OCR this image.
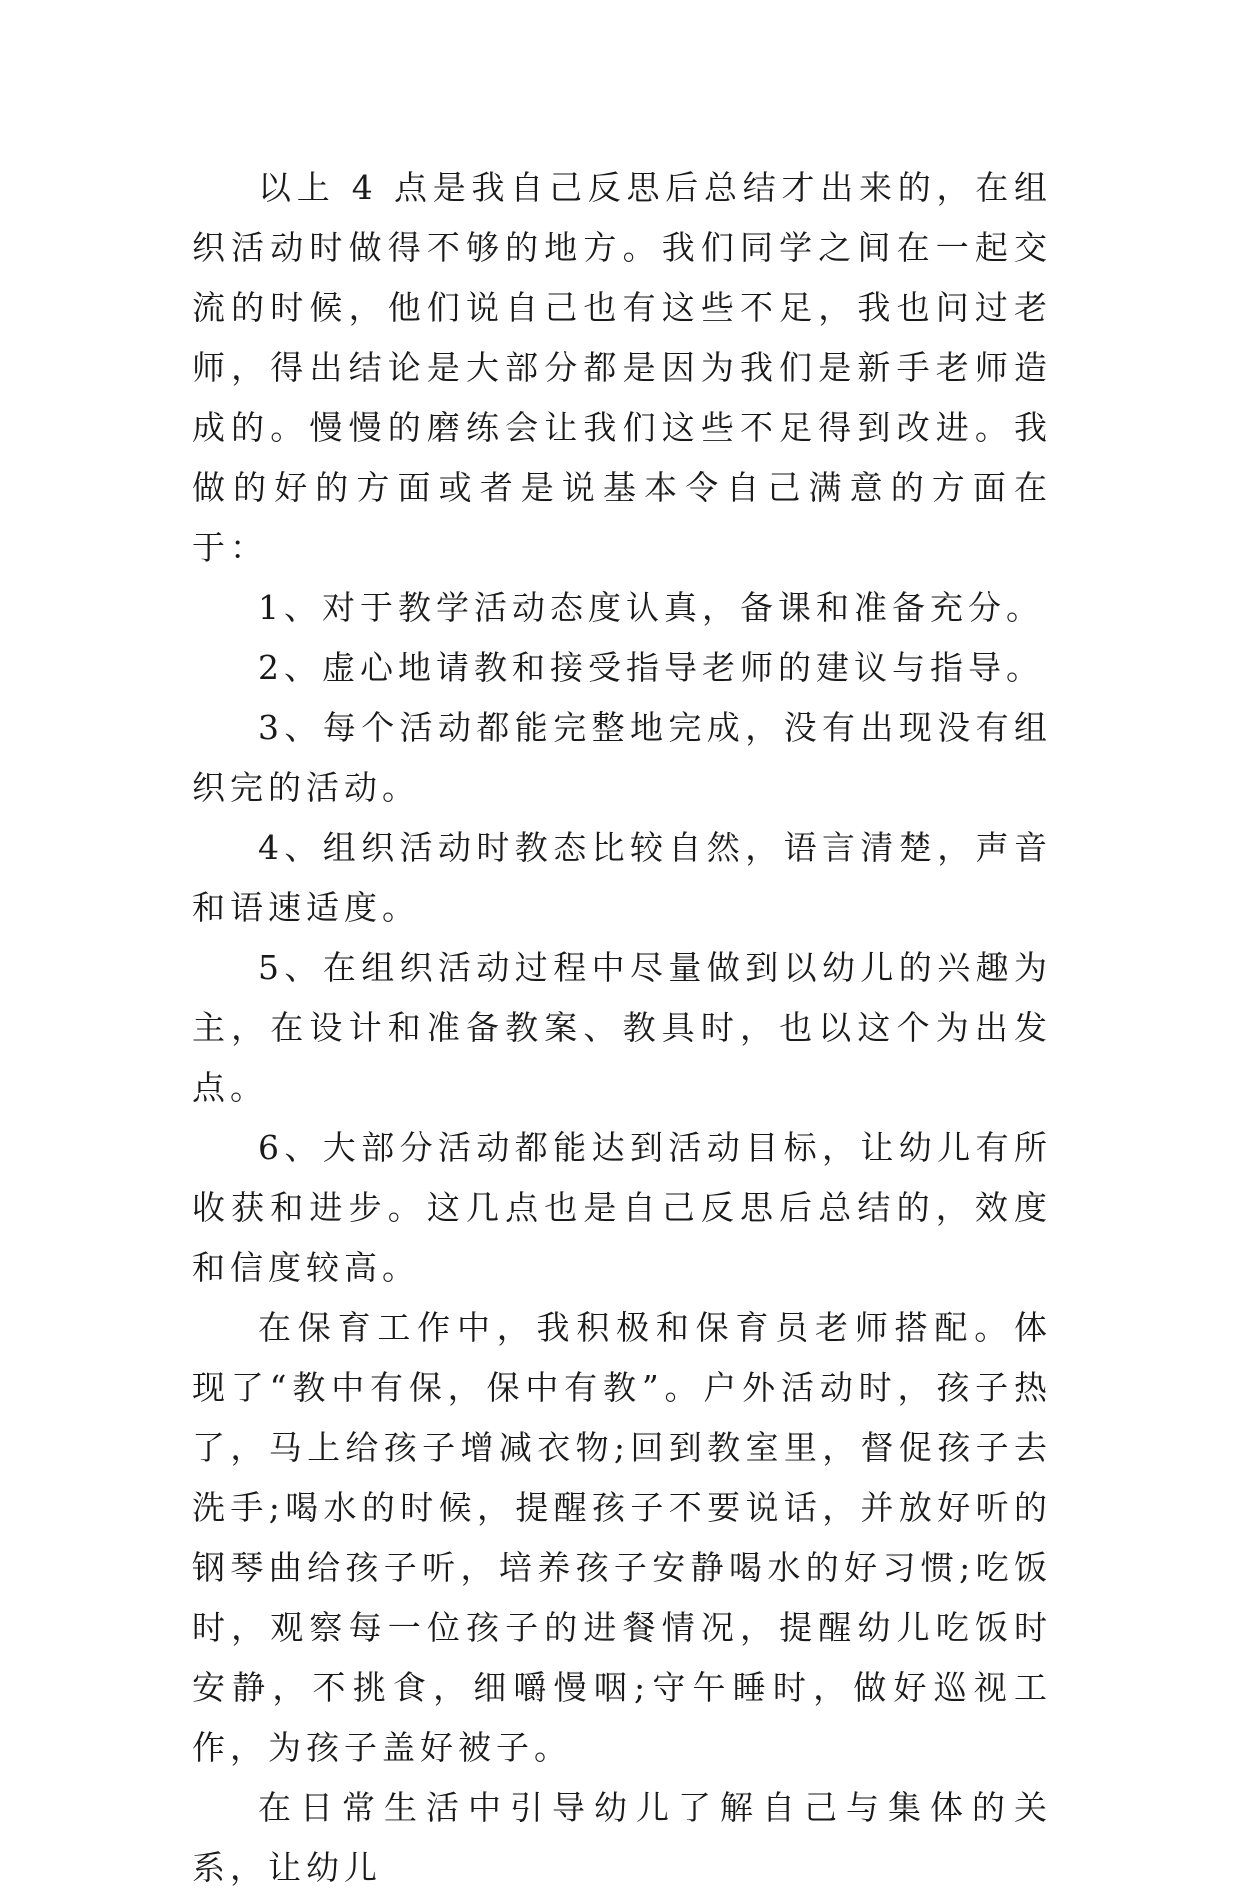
以上 4 点是我自己反思后总结才出来的，在组织活动时做得不够的地方。我们同学之间在一起交流的时候，他们说自己也有这些不足，我也问过老师，得出结论是大部分都是因为我们是新手老师造成的。慢慢的磨练会让我们这些不足得到改进。我做的好的方面或者是说基本令自己满意的方面在于：

1、对于教学活动态度认真，备课和准备充分。

2、虚心地请教和接受指导老师的建议与指导。

3、每个活动都能完整地完成，没有出现没有组织完的活动。

4、组织活动时教态比较自然，语言清楚，声音和语速适度。

5、在组织活动过程中尽量做到以幼儿的兴趣为主，在设计和准备教案、教具时，也以这个为出发点。

6、大部分活动都能达到活动目标，让幼儿有所收获和进步。这几点也是自己反思后总结的，效度和信度较高。

在保育工作中，我积极和保育员老师搭配。体现了“教中有保，保中有教”。户外活动时，孩子热了，马上给孩子增减衣物;回到教室里，督促孩子去洗手;喝水的时候，提醒孩子不要说话，并放好听的钢琴曲给孩子听，培养孩子安静喝水的好习惯;吃饭时，观察每一位孩子的进餐情况，提醒幼儿吃饭时安静，不挑食，细嚼慢咽;守午睡时，做好巡视工作，为孩子盖好被子。

在日常生活中引导幼儿了解自己与集体的关系，让幼儿
